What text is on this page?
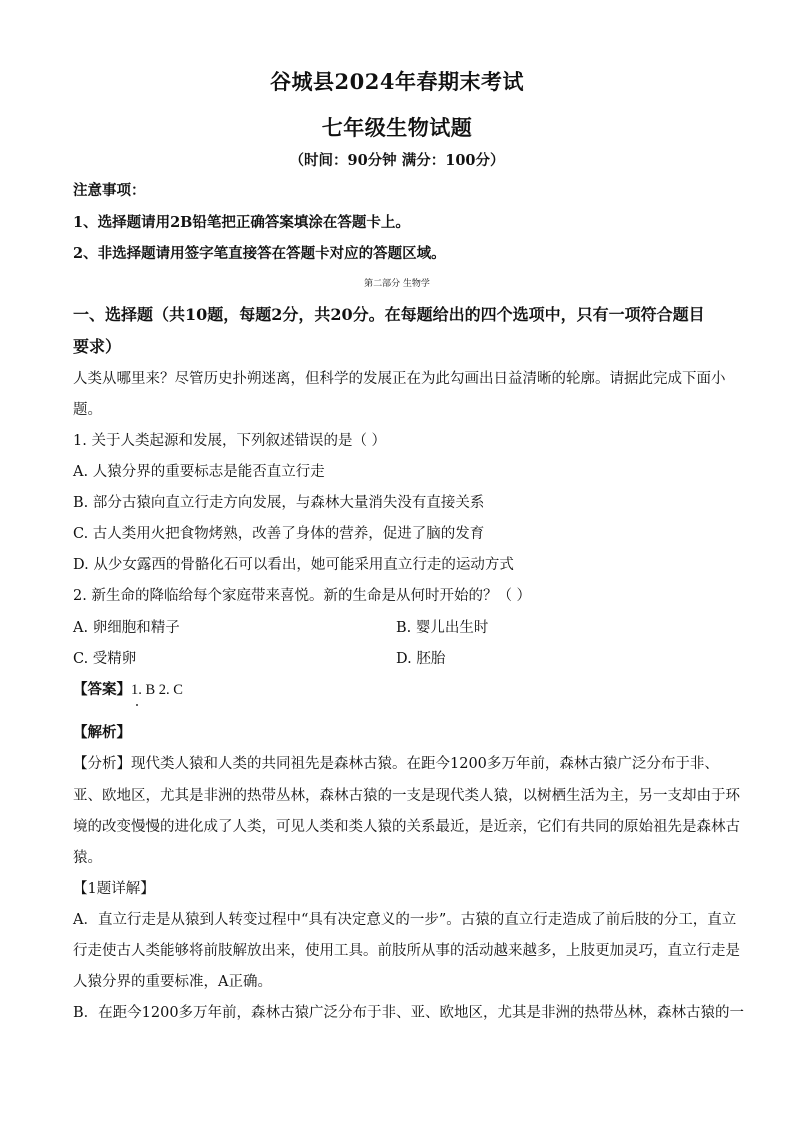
谷城县2024年春期末考试
七年级生物试题
（时间：90分钟 满分：100分）
注意事项：
1、选择题请用2B铅笔把正确答案填涂在答题卡上。
2、非选择题请用签字笔直接答在答题卡对应的答题区域。
第二部分 生物学
一、选择题（共10题，每题2分，共20分。在每题给出的四个选项中，只有一项符合题目
要求）
人类从哪里来？尽管历史扑朔迷离，但科学的发展正在为此勾画出日益清晰的轮廓。请据此完成下面小
题。
1. 关于人类起源和发展，下列叙述错误的是（ ）
A. 人猿分界的重要标志是能否直立行走
B. 部分古猿向直立行走方向发展，与森林大量消失没有直接关系
C. 古人类用火把食物烤熟，改善了身体的营养，促进了脑的发育
D. 从少女露西的骨骼化石可以看出，她可能采用直立行走的运动方式
2. 新生命的降临给每个家庭带来喜悦。新的生命是从何时开始的？（ ）
A. 卵细胞和精子	B. 婴儿出生时
C. 受精卵	D. 胚胎
【答案】1. B 2. C
【解析】
【分析】现代类人猿和人类的共同祖先是森林古猿。在距今1200多万年前，森林古猿广泛分布于非、
亚、欧地区，尤其是非洲的热带丛林，森林古猿的一支是现代类人猿，以树栖生活为主，另一支却由于环
境的改变慢慢的进化成了人类，可见人类和类人猿的关系最近，是近亲，它们有共同的原始祖先是森林古
猿。
【1题详解】
A．直立行走是从猿到人转变过程中“具有决定意义的一步”。古猿的直立行走造成了前后肢的分工，直立
行走使古人类能够将前肢解放出来，使用工具。前肢所从事的活动越来越多，上肢更加灵巧，直立行走是
人猿分界的重要标准，A正确。
B．在距今1200多万年前，森林古猿广泛分布于非、亚、欧地区，尤其是非洲的热带丛林，森林古猿的一
